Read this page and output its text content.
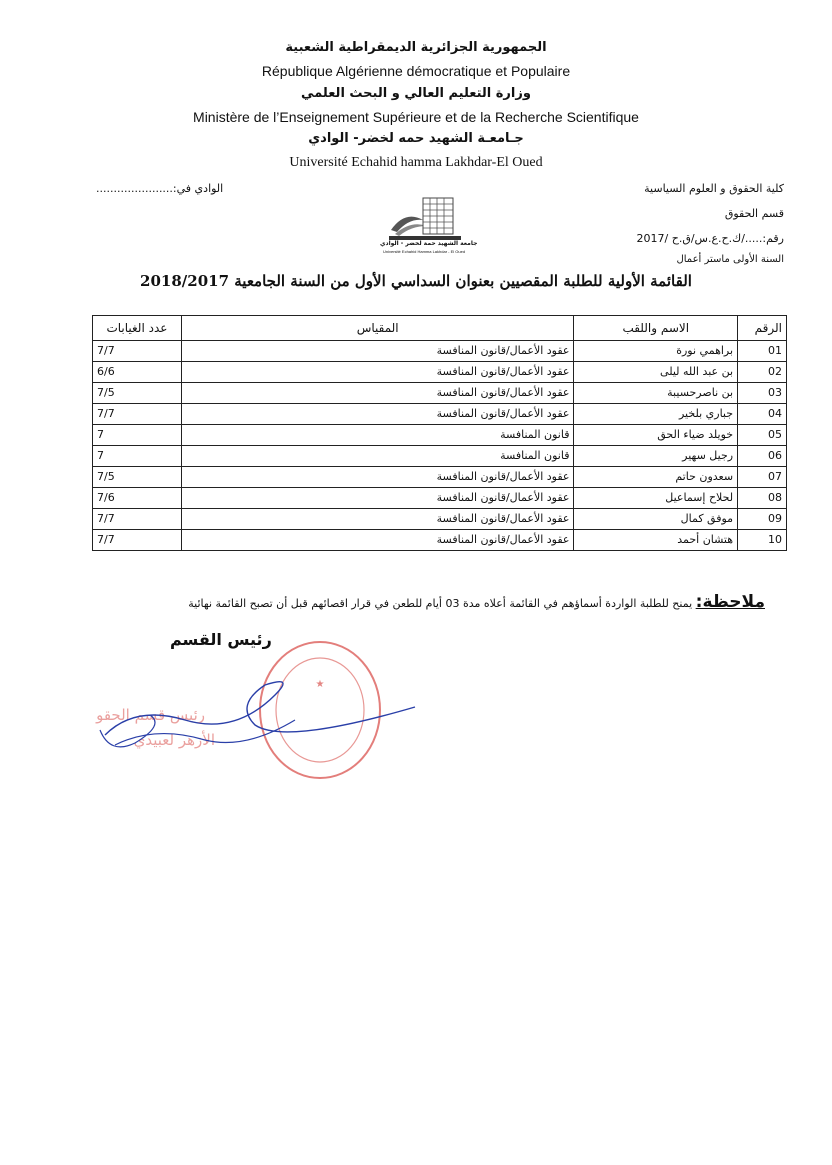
الجمهورية الجزائرية الديمقراطية الشعبية
République Algérienne démocratique et Populaire
وزارة التعليم العالي و البحث العلمي
Ministère de l’Enseignement Supérieure et de la Recherche Scientifique
جـامعـة الشهيد حمه لخضر- الوادي
Université Echahid hamma Lakhdar-El Oued
كلية الحقوق و العلوم السياسية
الوادي في:......................
قسم الحقوق
رقم:...../ك.ح.ع.س/ق.ح /2017
السنة الأولى ماستر أعمال
جامعة الشهيد حمة لخضر - الوادي
Université Echahid Hamma Lakhdar - El Oued
القائمة الأولية للطلبة المقصيين بعنوان السداسي الأول من السنة الجامعية 2018/2017
الرقم	الاسم واللقب	المقياس	عدد الغيابات
01	براهمي نورة	عقود الأعمال/قانون المنافسة	7/7
02	بن عبد الله ليلى	عقود الأعمال/قانون المنافسة	6/6
03	بن ناصرحسيبة	عقود الأعمال/قانون المنافسة	7/5
04	جباري بلخير	عقود الأعمال/قانون المنافسة	7/7
05	خويلد ضياء الحق	قانون المنافسة	7
06	رجيل سهير	قانون المنافسة	7
07	سعدون حاتم	عقود الأعمال/قانون المنافسة	7/5
08	لحلاح إسماعيل	عقود الأعمال/قانون المنافسة	7/6
09	موفق كمال	عقود الأعمال/قانون المنافسة	7/7
10	هتشان أحمد	عقود الأعمال/قانون المنافسة	7/7
ملاحظة: يمنح للطلبة الواردة أسماؤهم في القائمة أعلاه مدة 03 أيام للطعن في قرار اقصائهم قبل أن تصبح القائمة نهائية
رئيس القسم
★
رئيس قسم الحقوق
الأزهر لعبيدي
